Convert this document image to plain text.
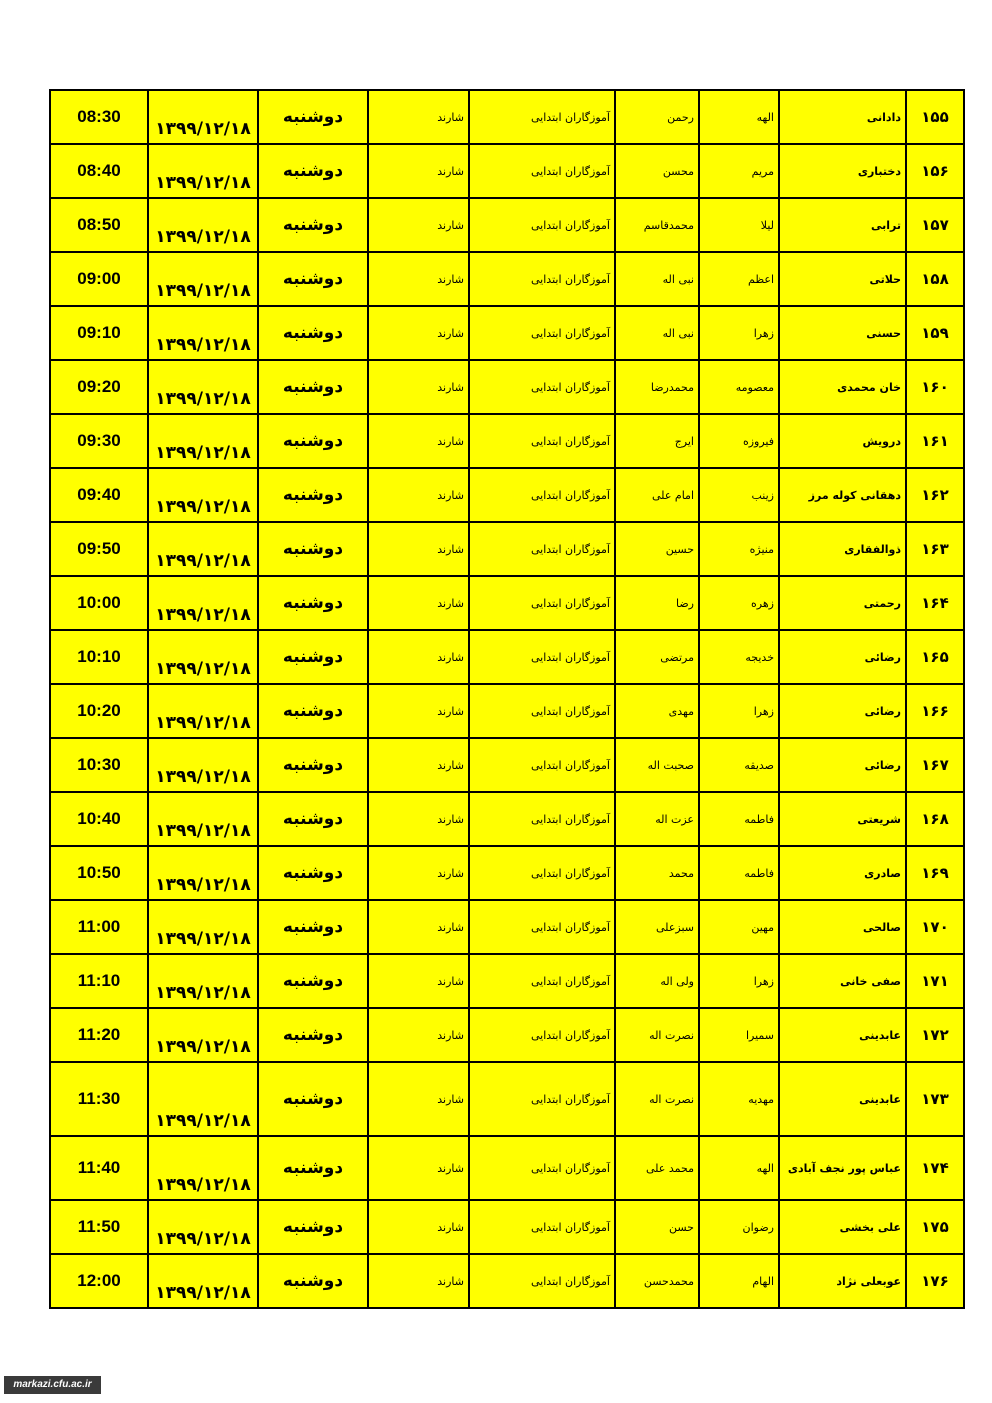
۱۵۵	دادانی	الهه	رحمن	آموزگاران ابتدایی	شارند	دوشنبه	۱۳۹۹/۱۲/۱۸	08:30
۱۵۶	دختباری	مریم	محسن	آموزگاران ابتدایی	شارند	دوشنبه	۱۳۹۹/۱۲/۱۸	08:40
۱۵۷	ترابی	لیلا	محمدقاسم	آموزگاران ابتدایی	شارند	دوشنبه	۱۳۹۹/۱۲/۱۸	08:50
۱۵۸	حلاتی	اعظم	نبی اله	آموزگاران ابتدایی	شارند	دوشنبه	۱۳۹۹/۱۲/۱۸	09:00
۱۵۹	حسنی	زهرا	نبی اله	آموزگاران ابتدایی	شارند	دوشنبه	۱۳۹۹/۱۲/۱۸	09:10
۱۶۰	خان محمدی	معصومه	محمدرضا	آموزگاران ابتدایی	شارند	دوشنبه	۱۳۹۹/۱۲/۱۸	09:20
۱۶۱	درویش	فیروزه	ایرج	آموزگاران ابتدایی	شارند	دوشنبه	۱۳۹۹/۱۲/۱۸	09:30
۱۶۲	دهقانی کوله مرز	زینب	امام علی	آموزگاران ابتدایی	شارند	دوشنبه	۱۳۹۹/۱۲/۱۸	09:40
۱۶۳	ذوالفقاری	منیژه	حسین	آموزگاران ابتدایی	شارند	دوشنبه	۱۳۹۹/۱۲/۱۸	09:50
۱۶۴	رحمتی	زهره	رضا	آموزگاران ابتدایی	شارند	دوشنبه	۱۳۹۹/۱۲/۱۸	10:00
۱۶۵	رضائی	خدیجه	مرتضی	آموزگاران ابتدایی	شارند	دوشنبه	۱۳۹۹/۱۲/۱۸	10:10
۱۶۶	رضائی	زهرا	مهدی	آموزگاران ابتدایی	شارند	دوشنبه	۱۳۹۹/۱۲/۱۸	10:20
۱۶۷	رضائی	صدیقه	صحبت اله	آموزگاران ابتدایی	شارند	دوشنبه	۱۳۹۹/۱۲/۱۸	10:30
۱۶۸	شریعتی	فاطمه	عزت اله	آموزگاران ابتدایی	شارند	دوشنبه	۱۳۹۹/۱۲/۱۸	10:40
۱۶۹	صادری	فاطمه	محمد	آموزگاران ابتدایی	شارند	دوشنبه	۱۳۹۹/۱۲/۱۸	10:50
۱۷۰	صالحی	مهین	سبزعلی	آموزگاران ابتدایی	شارند	دوشنبه	۱۳۹۹/۱۲/۱۸	11:00
۱۷۱	صفی خانی	زهرا	ولی اله	آموزگاران ابتدایی	شارند	دوشنبه	۱۳۹۹/۱۲/۱۸	11:10
۱۷۲	عابدینی	سمیرا	نصرت اله	آموزگاران ابتدایی	شارند	دوشنبه	۱۳۹۹/۱۲/۱۸	11:20
۱۷۳	عابدینی	مهدیه	نصرت اله	آموزگاران ابتدایی	شارند	دوشنبه	۱۳۹۹/۱۲/۱۸	11:30
۱۷۴	عباس پور نجف آبادی	الهه	محمد علی	آموزگاران ابتدایی	شارند	دوشنبه	۱۳۹۹/۱۲/۱۸	11:40
۱۷۵	علی بخشی	رضوان	حسن	آموزگاران ابتدایی	شارند	دوشنبه	۱۳۹۹/۱۲/۱۸	11:50
۱۷۶	عوبعلی نژاد	الهام	محمدحسن	آموزگاران ابتدایی	شارند	دوشنبه	۱۳۹۹/۱۲/۱۸	12:00
markazi.cfu.ac.ir
